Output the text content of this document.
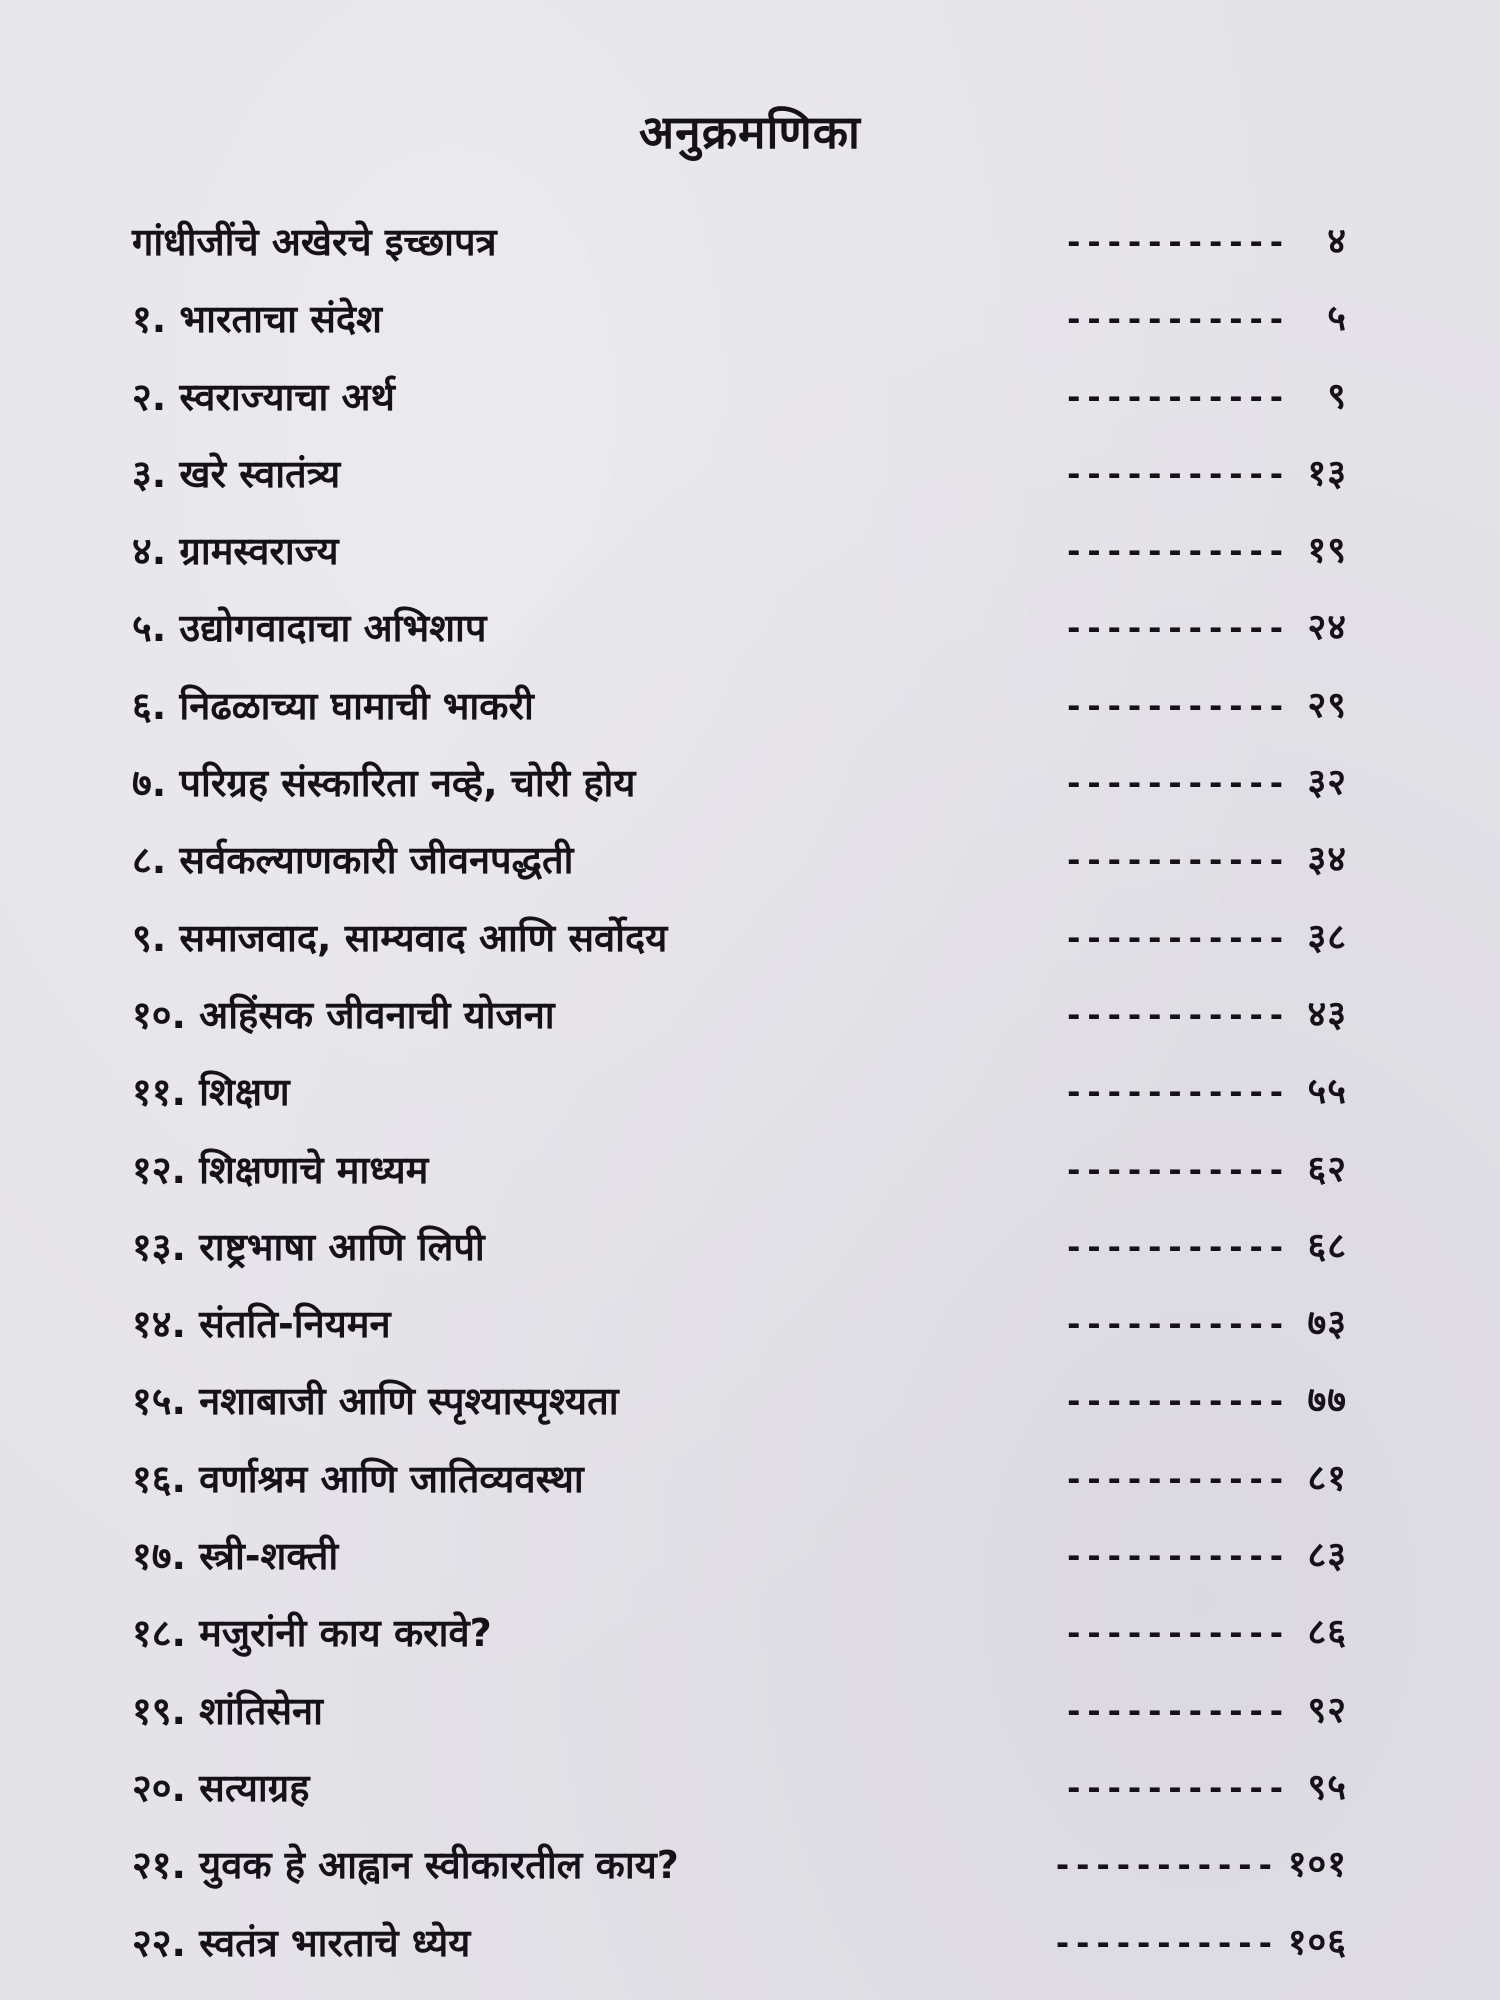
अनुक्रमणिका
गांधीजींचे अखेरचे इच्छापत्र	-----------	४
१. भारताचा संदेश	-----------	५
२. स्वराज्याचा अर्थ	-----------	९
३. खरे स्वातंत्र्य	----------- १३
४. ग्रामस्वराज्य	----------- १९
५. उद्योगवादाचा अभिशाप	----------- २४
६. निढळाच्या घामाची भाकरी	----------- २९
७. परिग्रह संस्कारिता नव्हे, चोरी होय	----------- ३२
८. सर्वकल्याणकारी जीवनपद्धती	----------- ३४
९. समाजवाद, साम्यवाद आणि सर्वोदय	----------- ३८
१०. अहिंसक जीवनाची योजना	----------- ४३
११. शिक्षण	----------- ५५
१२. शिक्षणाचे माध्यम	----------- ६२
१३. राष्ट्रभाषा आणि लिपी	----------- ६८
१४. संतति-नियमन	----------- ७३
१५. नशाबाजी आणि स्पृश्यास्पृश्यता	----------- ७७
१६. वर्णाश्रम आणि जातिव्यवस्था	----------- ८१
१७. स्त्री-शक्ती	----------- ८३
१८. मजुरांनी काय करावे?	----------- ८६
१९. शांतिसेना	----------- ९२
२०. सत्याग्रह	----------- ९५
२१. युवक हे आह्वान स्वीकारतील काय?	----------- १०१
२२. स्वतंत्र भारताचे ध्येय	----------- १०६
